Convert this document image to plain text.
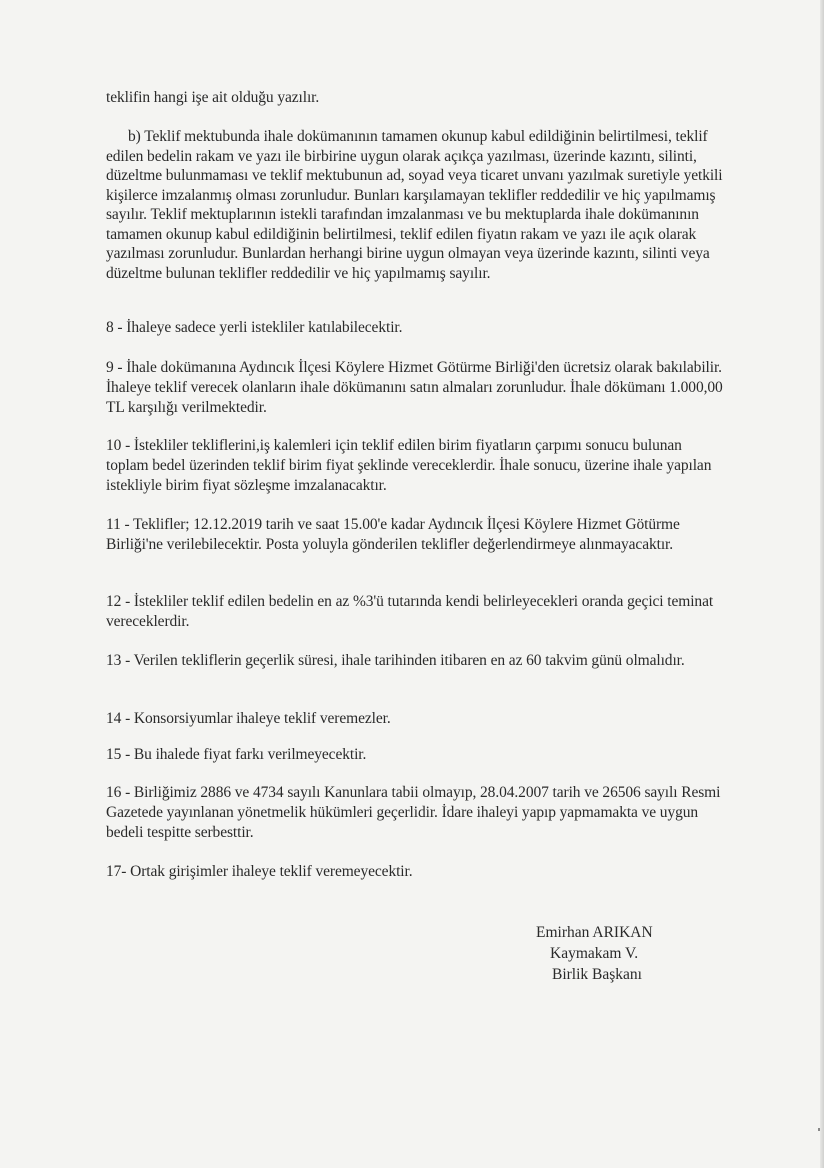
teklifin hangi işe ait olduğu yazılır.

b) Teklif mektubunda ihale dokümanının tamamen okunup kabul edildiğinin belirtilmesi, teklif edilen bedelin rakam ve yazı ile birbirine uygun olarak açıkça yazılması, üzerinde kazıntı, silinti, düzeltme bulunmaması ve teklif mektubunun ad, soyad veya ticaret unvanı yazılmak suretiyle yetkili kişilerce imzalanmış olması zorunludur. Bunları karşılamayan teklifler reddedilir ve hiç yapılmamış sayılır. Teklif mektuplarının istekli tarafından imzalanması ve bu mektuplarda ihale dokümanının tamamen okunup kabul edildiğinin belirtilmesi, teklif edilen fiyatın rakam ve yazı ile açık olarak yazılması zorunludur. Bunlardan herhangi birine uygun olmayan veya üzerinde kazıntı, silinti veya düzeltme bulunan teklifler reddedilir ve hiç yapılmamış sayılır.

8 - İhaleye sadece yerli istekliler katılabilecektir.

9 - İhale dokümanına Aydıncık İlçesi Köylere Hizmet Götürme Birliği'den ücretsiz olarak bakılabilir. İhaleye teklif verecek olanların ihale dökümanını satın almaları zorunludur. İhale dökümanı 1.000,00 TL karşılığı verilmektedir.

10 - İstekliler tekliflerini,iş kalemleri için teklif edilen birim fiyatların çarpımı sonucu bulunan toplam bedel üzerinden teklif birim fiyat şeklinde vereceklerdir. İhale sonucu, üzerine ihale yapılan istekliyle birim fiyat sözleşme imzalanacaktır.

11 - Teklifler; 12.12.2019 tarih ve saat 15.00'e kadar Aydıncık İlçesi Köylere Hizmet Götürme Birliği'ne verilebilecektir. Posta yoluyla gönderilen teklifler değerlendirmeye alınmayacaktır.

12 - İstekliler teklif edilen bedelin en az %3'ü tutarında kendi belirleyecekleri oranda geçici teminat vereceklerdir.

13 - Verilen tekliflerin geçerlik süresi, ihale tarihinden itibaren en az 60 takvim günü olmalıdır.

14 - Konsorsiyumlar ihaleye teklif veremezler.

15 - Bu ihalede fiyat farkı verilmeyecektir.

16 - Birliğimiz 2886 ve 4734 sayılı Kanunlara tabii olmayıp, 28.04.2007 tarih ve 26506 sayılı Resmi Gazetede yayınlanan yönetmelik hükümleri geçerlidir. İdare ihaleyi yapıp yapmamakta ve uygun bedeli tespitte serbesttir.

17- Ortak girişimler ihaleye teklif veremeyecektir.

Emirhan ARIKAN
Kaymakam V.
Birlik Başkanı
